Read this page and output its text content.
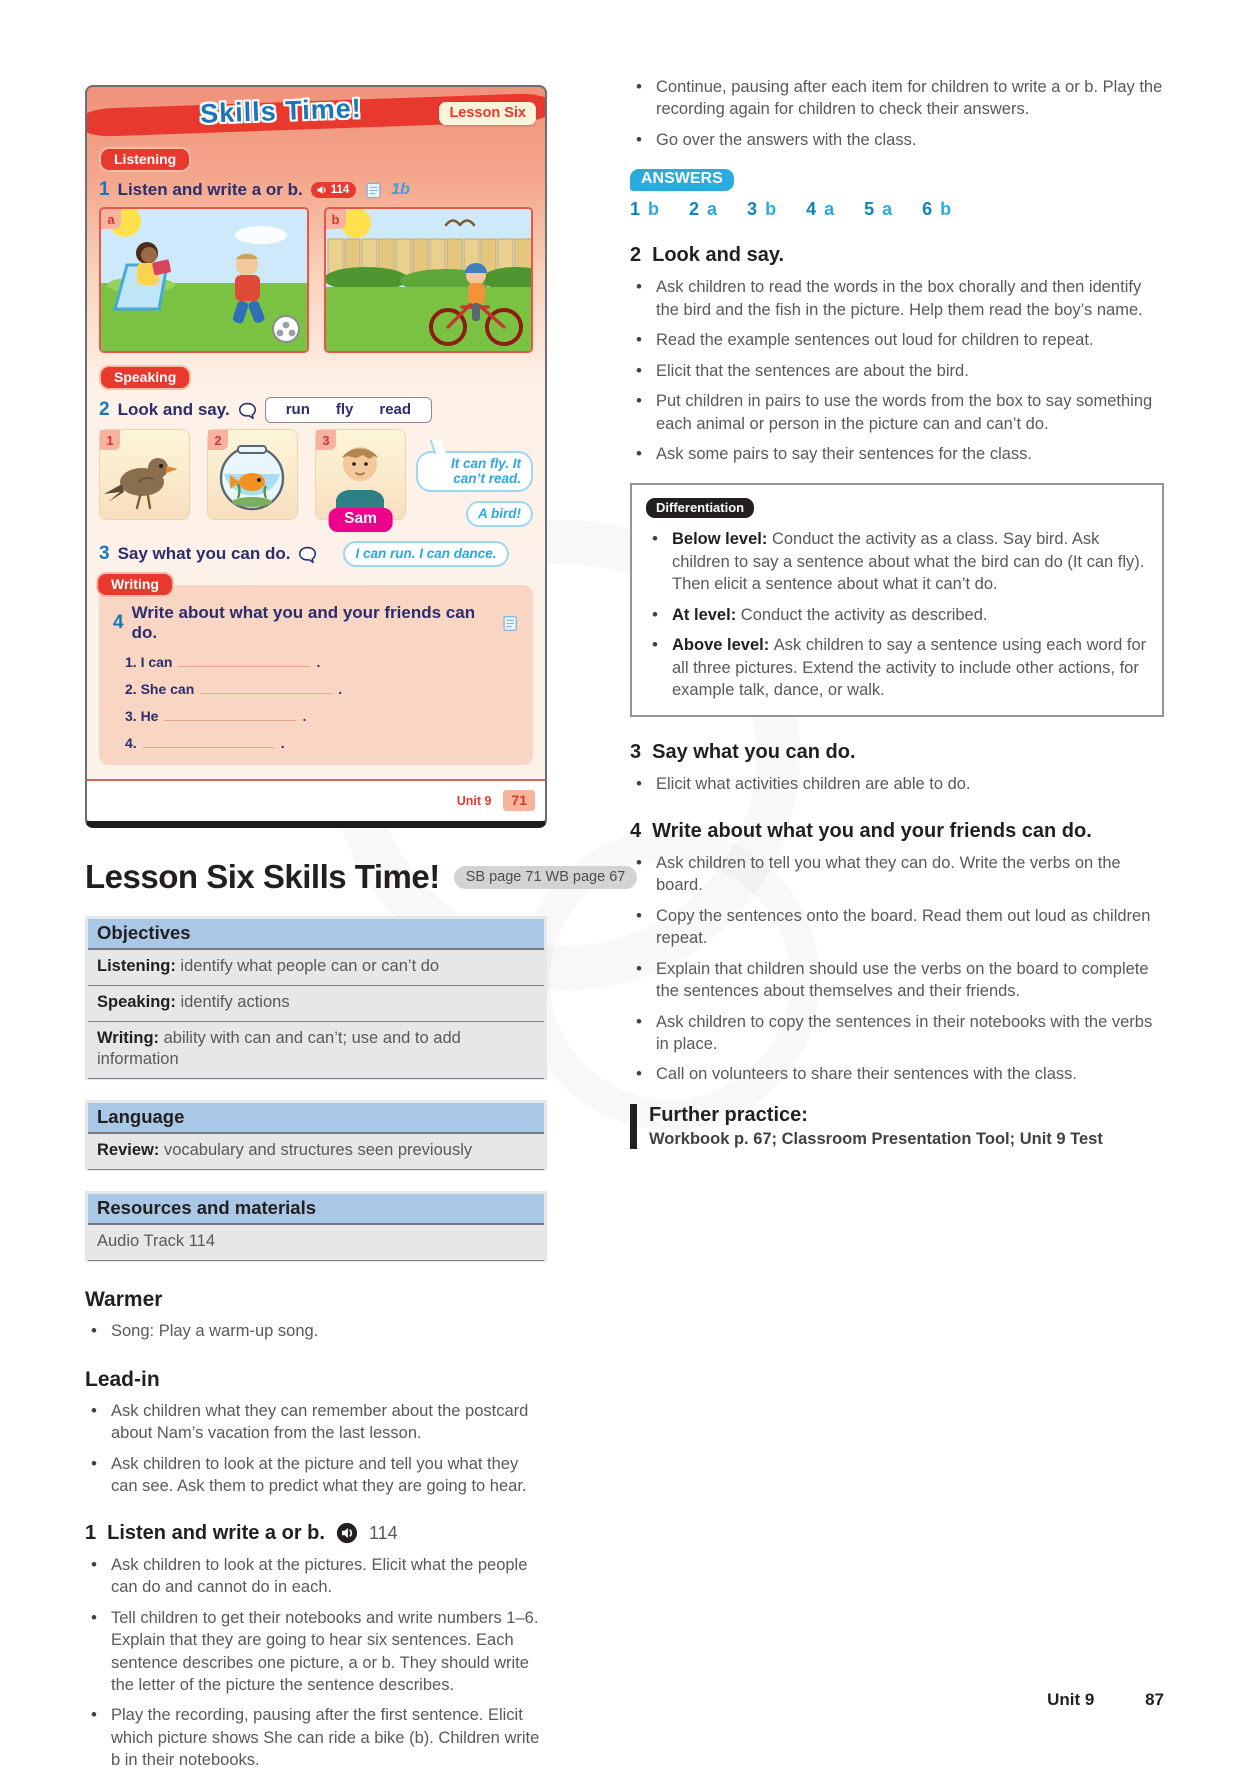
Skills Time!	Lesson Six
Listening
1 Listen and write a or b. 114	1b
a	b
Speaking
2 Look and say.	run fly read
1	2	3
Sam
It can fly. It can’t read.
A bird!
3 Say what you can do.	I can run. I can dance.
Writing
4 Write about what you and your friends can do.
1. I can	.
2. She can	.
3. He	.
4.	.
Unit 9	71
Lesson Six Skills Time!	SB page 71 WB page 67
Objectives
Listening: identify what people can or can’t do
Speaking: identify actions
Writing: ability with can and can’t; use and to add information
Language
Review: vocabulary and structures seen previously
Resources and materials
Audio Track 114
Warmer
• Song: Play a warm-up song.
Lead-in
• Ask children what they can remember about the postcard about Nam’s vacation from the last lesson.
• Ask children to look at the picture and tell you what they can see. Ask them to predict what they are going to hear.
1 Listen and write a or b. 114
• Ask children to look at the pictures. Elicit what the people can do and cannot do in each.
• Tell children to get their notebooks and write numbers 1–6. Explain that they are going to hear six sentences. Each sentence describes one picture, a or b. They should write the letter of the picture the sentence describes.
• Play the recording, pausing after the first sentence. Elicit which picture shows She can ride a bike (b). Children write b in their notebooks.
• Continue, pausing after each item for children to write a or b. Play the recording again for children to check their answers.
• Go over the answers with the class.
ANSWERS
1 b 2 a 3 b 4 a 5 a 6 b
2 Look and say.
• Ask children to read the words in the box chorally and then identify the bird and the fish in the picture. Help them read the boy’s name.
• Read the example sentences out loud for children to repeat.
• Elicit that the sentences are about the bird.
• Put children in pairs to use the words from the box to say something each animal or person in the picture can and can’t do.
• Ask some pairs to say their sentences for the class.
Differentiation
• Below level: Conduct the activity as a class. Say bird. Ask children to say a sentence about what the bird can do (It can fly). Then elicit a sentence about what it can’t do.
• At level: Conduct the activity as described.
• Above level: Ask children to say a sentence using each word for all three pictures. Extend the activity to include other actions, for example talk, dance, or walk.
3 Say what you can do.
• Elicit what activities children are able to do.
4 Write about what you and your friends can do.
• Ask children to tell you what they can do. Write the verbs on the board.
• Copy the sentences onto the board. Read them out loud as children repeat.
• Explain that children should use the verbs on the board to complete the sentences about themselves and their friends.
• Ask children to copy the sentences in their notebooks with the verbs in place.
• Call on volunteers to share their sentences with the class.
Further practice:
Workbook p. 67; Classroom Presentation Tool; Unit 9 Test
Unit 9	87
